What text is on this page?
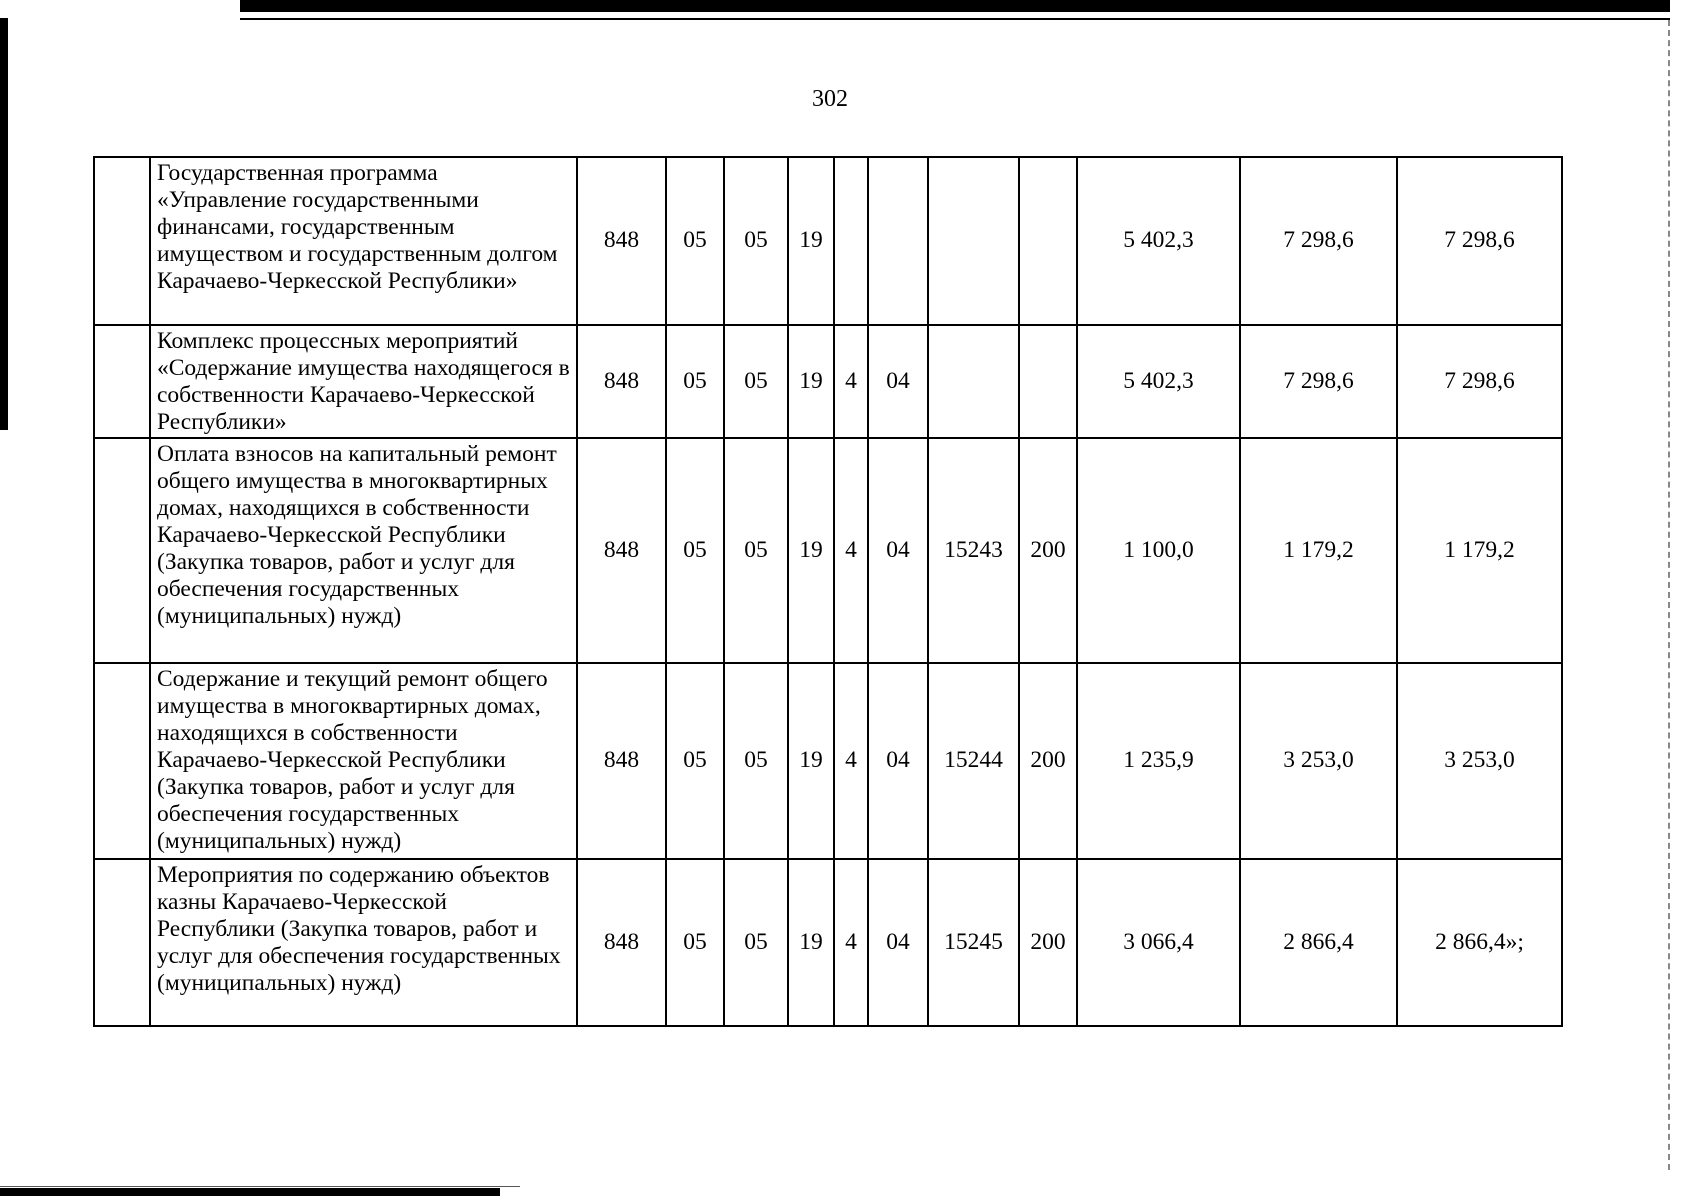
302
	Государственная программа «Управление государственными финансами, государственным имуществом и государственным долгом Карачаево-Черкесской Республики»	848	05	05	19					5 402,3	7 298,6	7 298,6
	Комплекс процессных мероприятий «Содержание имущества находящегося в собственности Карачаево-Черкесской Республики»	848	05	05	19	4	04			5 402,3	7 298,6	7 298,6
	Оплата взносов на капитальный ремонт общего имущества в многоквартирных домах, находящихся в собственности Карачаево-Черкесской Республики (Закупка товаров, работ и услуг для обеспечения государственных (муниципальных) нужд)	848	05	05	19	4	04	15243	200	1 100,0	1 179,2	1 179,2
	Содержание и текущий ремонт общего имущества в многоквартирных домах, находящихся в собственности Карачаево-Черкесской Республики (Закупка товаров, работ и услуг для обеспечения государственных (муниципальных) нужд)	848	05	05	19	4	04	15244	200	1 235,9	3 253,0	3 253,0
	Мероприятия по содержанию объектов казны Карачаево-Черкесской Республики (Закупка товаров, работ и услуг для обеспечения государственных (муниципальных) нужд)	848	05	05	19	4	04	15245	200	3 066,4	2 866,4	2 866,4»;
